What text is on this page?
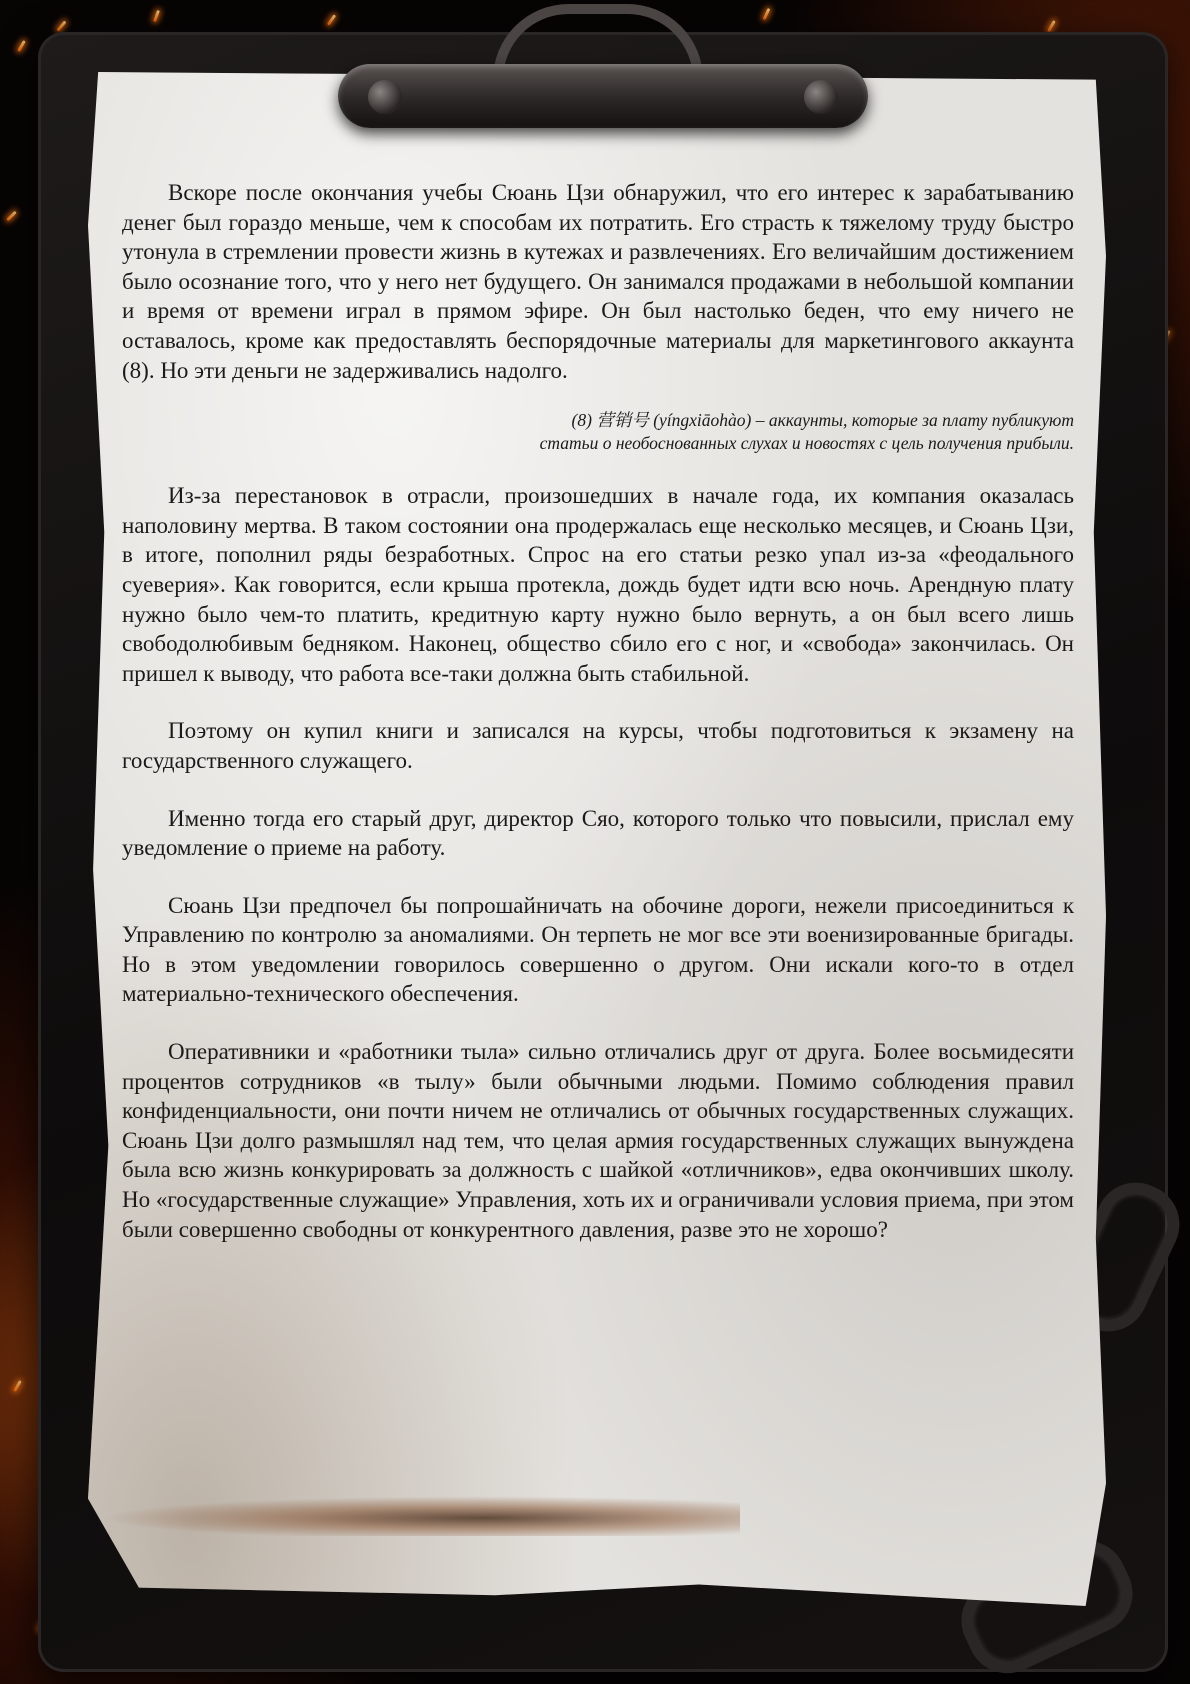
Вскоре после окончания учебы Сюань Цзи обнаружил, что его интерес к зарабатыванию денег был гораздо меньше, чем к способам их потратить. Его страсть к тяжелому труду быстро утонула в стремлении провести жизнь в кутежах и развлечениях. Его величайшим достижением было осознание того, что у него нет будущего. Он занимался продажами в небольшой компании и время от времени играл в прямом эфире. Он был настолько беден, что ему ничего не оставалось, кроме как предоставлять беспорядочные материалы для маркетингового аккаунта (8). Но эти деньги не задерживались надолго.

(8) 营销号 (yíngxiāohào) – аккаунты, которые за плату публикуют
статьи о необоснованных слухах и новостях с цель получения прибыли.

Из-за перестановок в отрасли, произошедших в начале года, их компания оказалась наполовину мертва. В таком состоянии она продержалась еще несколько месяцев, и Сюань Цзи, в итоге, пополнил ряды безработных. Спрос на его статьи резко упал из-за «феодального суеверия». Как говорится, если крыша протекла, дождь будет идти всю ночь. Арендную плату нужно было чем-то платить, кредитную карту нужно было вернуть, а он был всего лишь свободолюбивым бедняком. Наконец, общество сбило его с ног, и «свобода» закончилась. Он пришел к выводу, что работа все-таки должна быть стабильной.

Поэтому он купил книги и записался на курсы, чтобы подготовиться к экзамену на государственного служащего.

Именно тогда его старый друг, директор Сяо, которого только что повысили, прислал ему уведомление о приеме на работу.

Сюань Цзи предпочел бы попрошайничать на обочине дороги, нежели присоединиться к Управлению по контролю за аномалиями. Он терпеть не мог все эти военизированные бригады. Но в этом уведомлении говорилось совершенно о другом. Они искали кого-то в отдел материально-технического обеспечения.

Оперативники и «работники тыла» сильно отличались друг от друга. Более восьмидесяти процентов сотрудников «в тылу» были обычными людьми. Помимо соблюдения правил конфиденциальности, они почти ничем не отличались от обычных государственных служащих. Сюань Цзи долго размышлял над тем, что целая армия государственных служащих вынуждена была всю жизнь конкурировать за должность с шайкой «отличников», едва окончивших школу. Но «государственные служащие» Управления, хоть их и ограничивали условия приема, при этом были совершенно свободны от конкурентного давления, разве это не хорошо?
